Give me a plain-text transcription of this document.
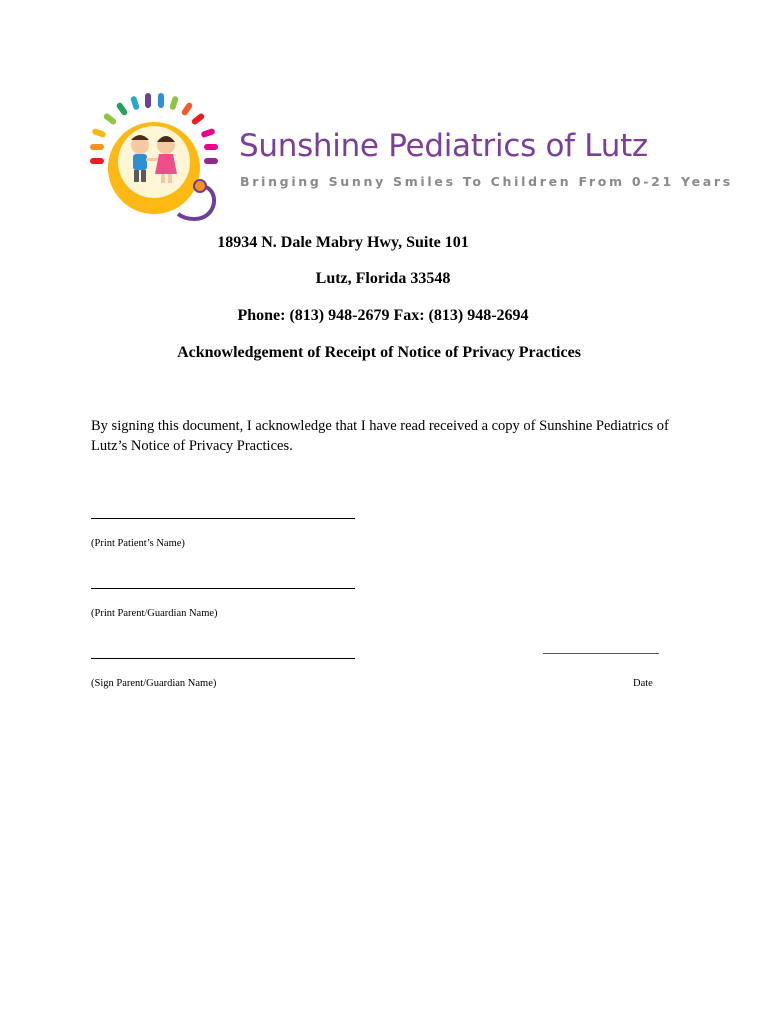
Sunshine Pediatrics of Lutz
Bringing Sunny Smiles To Children From 0-21 Years
18934 N. Dale Mabry Hwy, Suite 101
Lutz, Florida 33548
Phone: (813) 948-2679 Fax: (813) 948-2694
Acknowledgement of Receipt of Notice of Privacy Practices
By signing this document, I acknowledge that I have read received a copy of Sunshine Pediatrics of Lutz’s Notice of Privacy Practices.
(Print Patient’s Name)
(Print Parent/Guardian Name)
(Sign Parent/Guardian Name)	Date
